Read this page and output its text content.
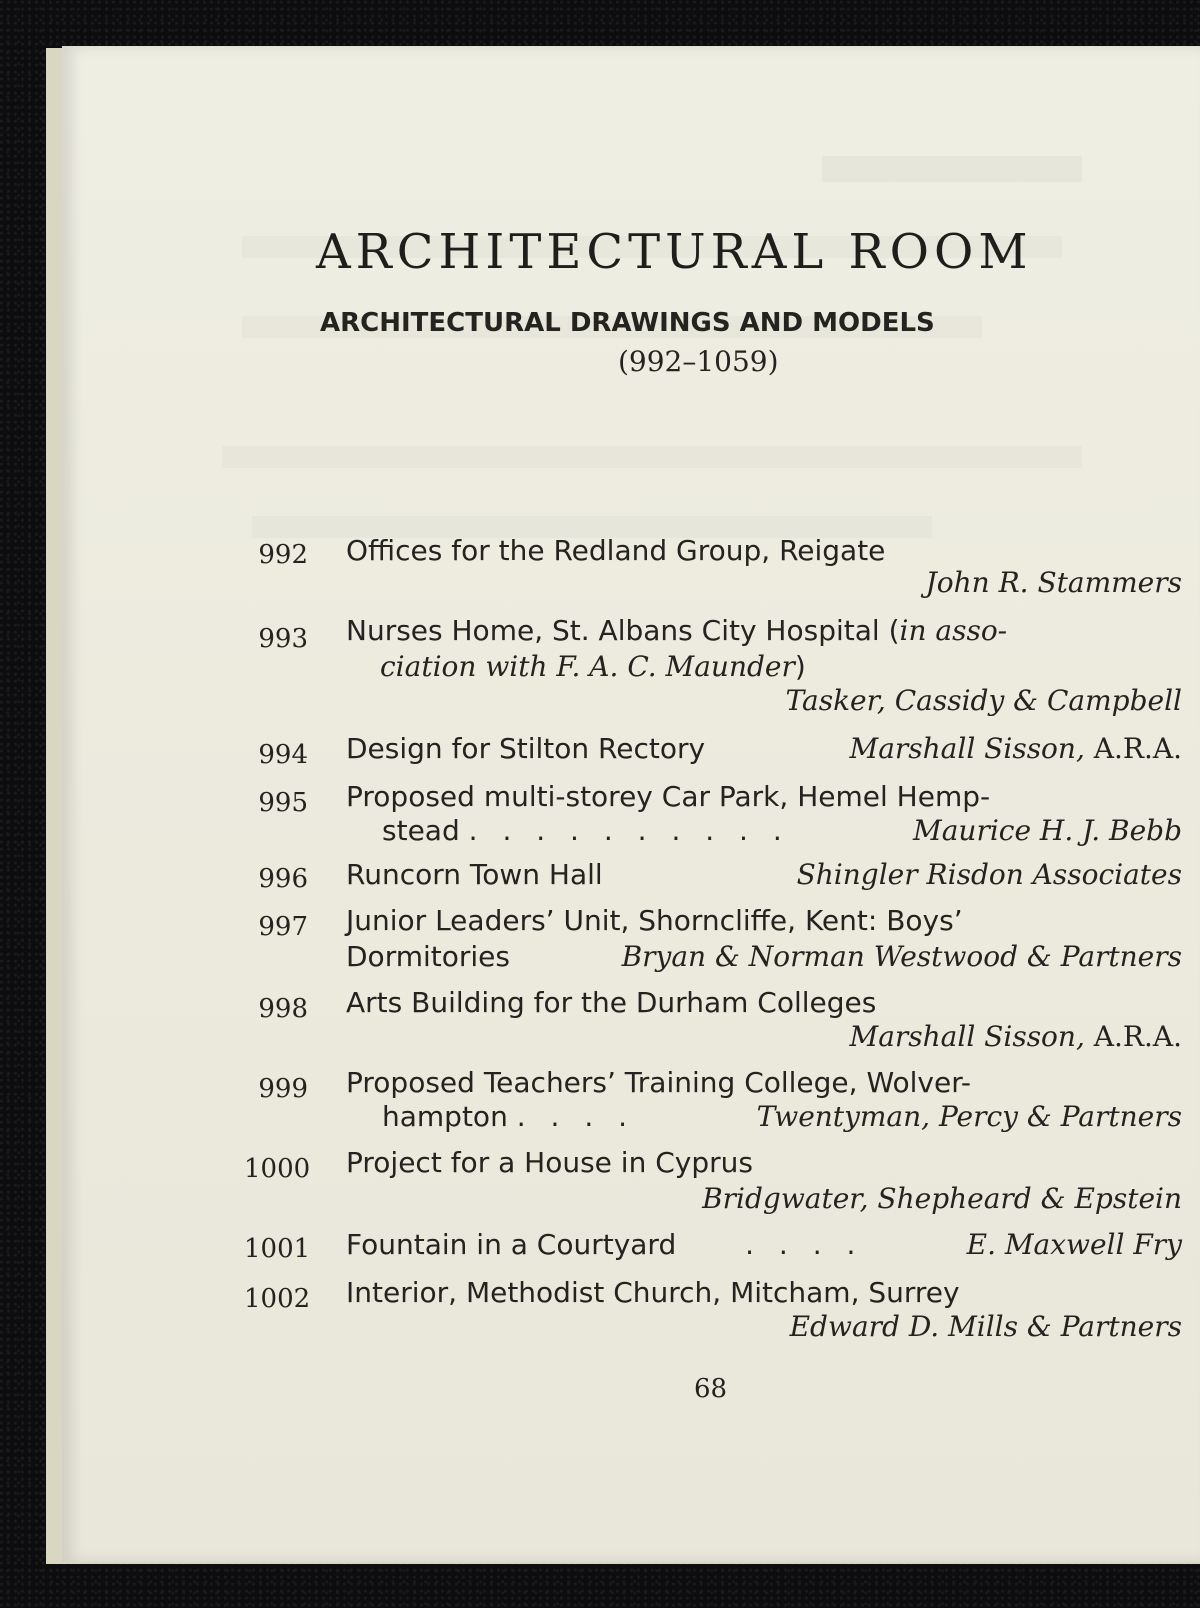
ARCHITECTURAL ROOM
ARCHITECTURAL DRAWINGS AND MODELS
(992–1059)
992 Offices for the Redland Group, Reigate
John R. Stammers
993 Nurses Home, St. Albans City Hospital (in asso-
ciation with F. A. C. Maunder)
Tasker, Cassidy & Campbell
994 Design for Stilton Rectory	Marshall Sisson, A.R.A.
995 Proposed multi-storey Car Park, Hemel Hemp-
stead . . . . . . . . . .	Maurice H. J. Bebb
996 Runcorn Town Hall	Shingler Risdon Associates
997 Junior Leaders’ Unit, Shorncliffe, Kent: Boys’
Dormitories	Bryan & Norman Westwood & Partners
998 Arts Building for the Durham Colleges
Marshall Sisson, A.R.A.
999 Proposed Teachers’ Training College, Wolver-
hampton . . . .	Twentyman, Percy & Partners
1000 Project for a House in Cyprus
Bridgwater, Shepheard & Epstein
1001 Fountain in a Courtyard . . . .	E. Maxwell Fry
1002 Interior, Methodist Church, Mitcham, Surrey
Edward D. Mills & Partners
68
